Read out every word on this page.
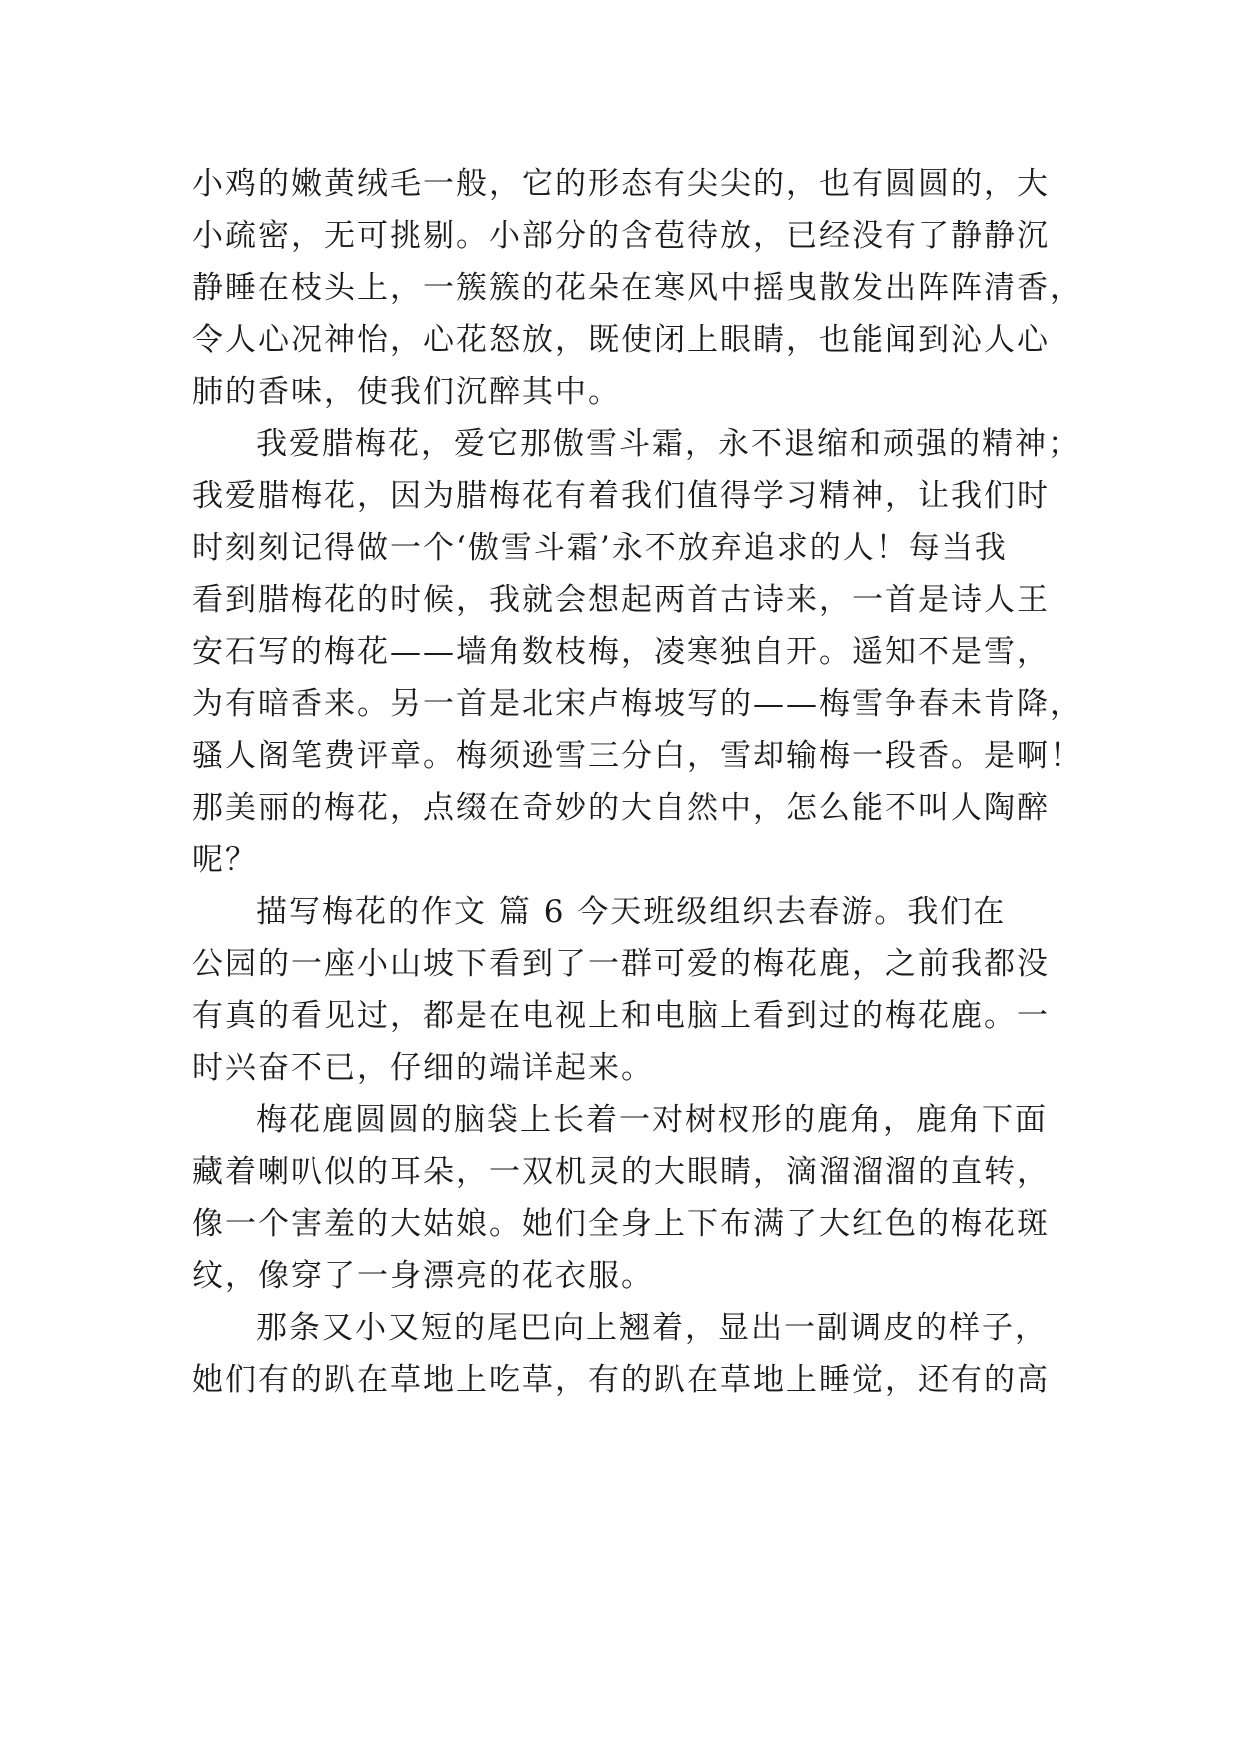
小鸡的嫩黄绒毛一般，它的形态有尖尖的，也有圆圆的，大

小疏密，无可挑剔。小部分的含苞待放，已经没有了静静沉

静睡在枝头上，一簇簇的花朵在寒风中摇曳散发出阵阵清香，

令人心况神怡，心花怒放，既使闭上眼睛，也能闻到沁人心

肺的香味，使我们沉醉其中。

我爱腊梅花，爱它那傲雪斗霜，永不退缩和顽强的精神；

我爱腊梅花，因为腊梅花有着我们值得学习精神，让我们时

时刻刻记得做一个‘傲雪斗霜’永不放弃追求的人！每当我

看到腊梅花的时候，我就会想起两首古诗来，一首是诗人王

安石写的梅花——墙角数枝梅，凌寒独自开。遥知不是雪，

为有暗香来。另一首是北宋卢梅坡写的——梅雪争春未肯降，

骚人阁笔费评章。梅须逊雪三分白，雪却输梅一段香。是啊！

那美丽的梅花，点缀在奇妙的大自然中，怎么能不叫人陶醉

呢？

描写梅花的作文 篇 6 今天班级组织去春游。我们在

公园的一座小山坡下看到了一群可爱的梅花鹿，之前我都没

有真的看见过，都是在电视上和电脑上看到过的梅花鹿。一

时兴奋不已，仔细的端详起来。

梅花鹿圆圆的脑袋上长着一对树杈形的鹿角，鹿角下面

藏着喇叭似的耳朵，一双机灵的大眼睛，滴溜溜溜的直转，

像一个害羞的大姑娘。她们全身上下布满了大红色的梅花斑

纹，像穿了一身漂亮的花衣服。

那条又小又短的尾巴向上翘着，显出一副调皮的样子，

她们有的趴在草地上吃草，有的趴在草地上睡觉，还有的高
